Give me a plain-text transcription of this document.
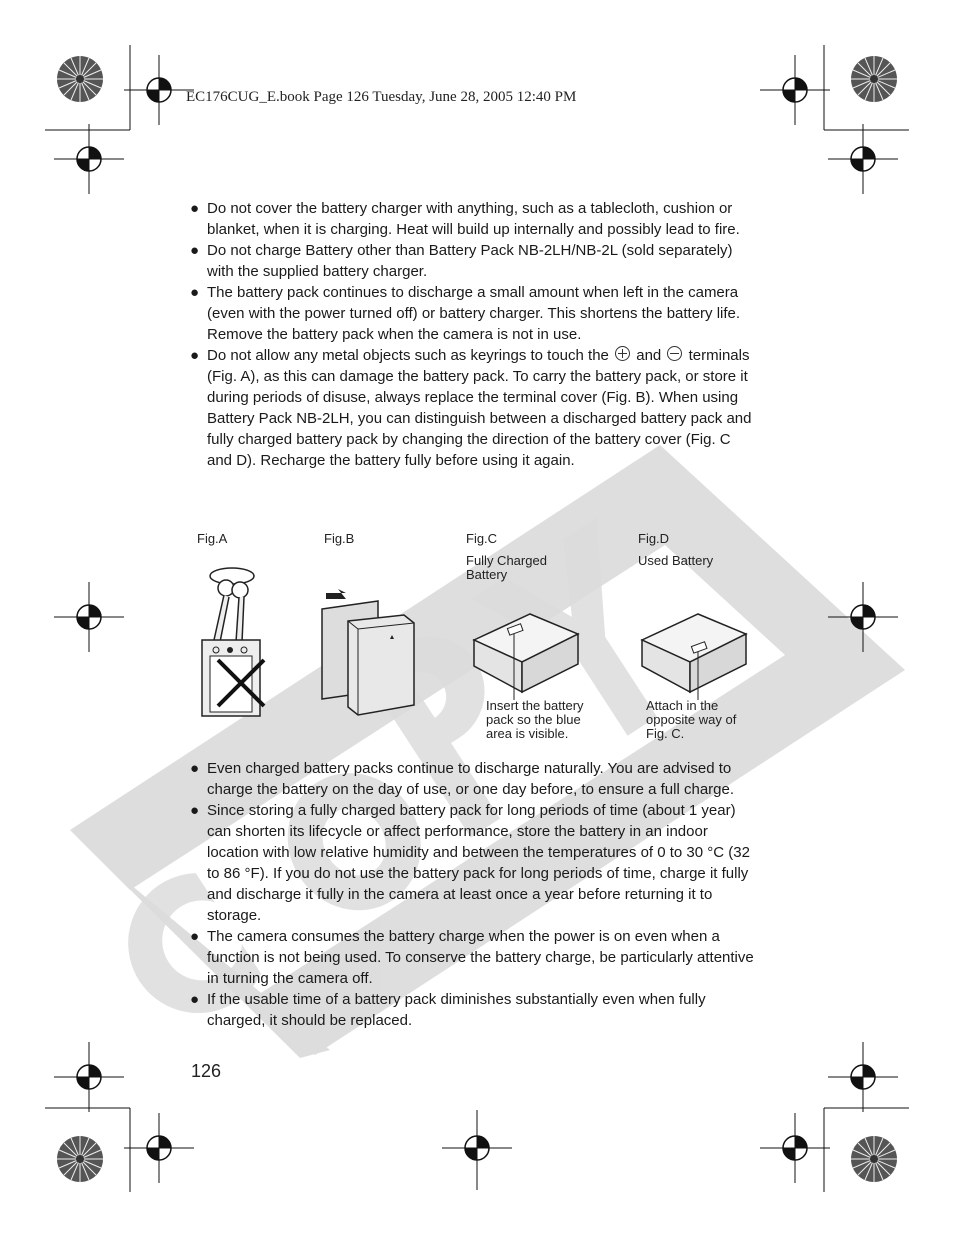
EC176CUG_E.book Page 126 Tuesday, June 28, 2005 12:40 PM
● Do not cover the battery charger with anything, such as a tablecloth, cushion or blanket, when it is charging. Heat will build up internally and possibly lead to fire.
● Do not charge Battery other than Battery Pack NB-2LH/NB-2L (sold separately) with the supplied battery charger.
● The battery pack continues to discharge a small amount when left in the camera (even with the power turned off) or battery charger. This shortens the battery life. Remove the battery pack when the camera is not in use.
● Do not allow any metal objects such as keyrings to touch the and terminals (Fig. A), as this can damage the battery pack. To carry the battery pack, or store it during periods of disuse, always replace the terminal cover (Fig. B). When using Battery Pack NB-2LH, you can distinguish between a discharged battery pack and fully charged battery pack by changing the direction of the battery cover (Fig. C and D). Recharge the battery fully before using it again.
Fig.A	Fig.B	Fig.C	Fig.D
Fully Charged
Battery
Used Battery
Insert the battery
pack so the blue
area is visible.
Attach in the
opposite way of
Fig. C.
● Even charged battery packs continue to discharge naturally. You are advised to charge the battery on the day of use, or one day before, to ensure a full charge.
● Since storing a fully charged battery pack for long periods of time (about 1 year) can shorten its lifecycle or affect performance, store the battery in an indoor location with low relative humidity and between the temperatures of 0 to 30 °C (32 to 86 °F). If you do not use the battery pack for long periods of time, charge it fully and discharge it fully in the camera at least once a year before returning it to storage.
● The camera consumes the battery charge when the power is on even when a function is not being used. To conserve the battery charge, be particularly attentive in turning the camera off.
● If the usable time of a battery pack diminishes substantially even when fully charged, it should be replaced.
126
